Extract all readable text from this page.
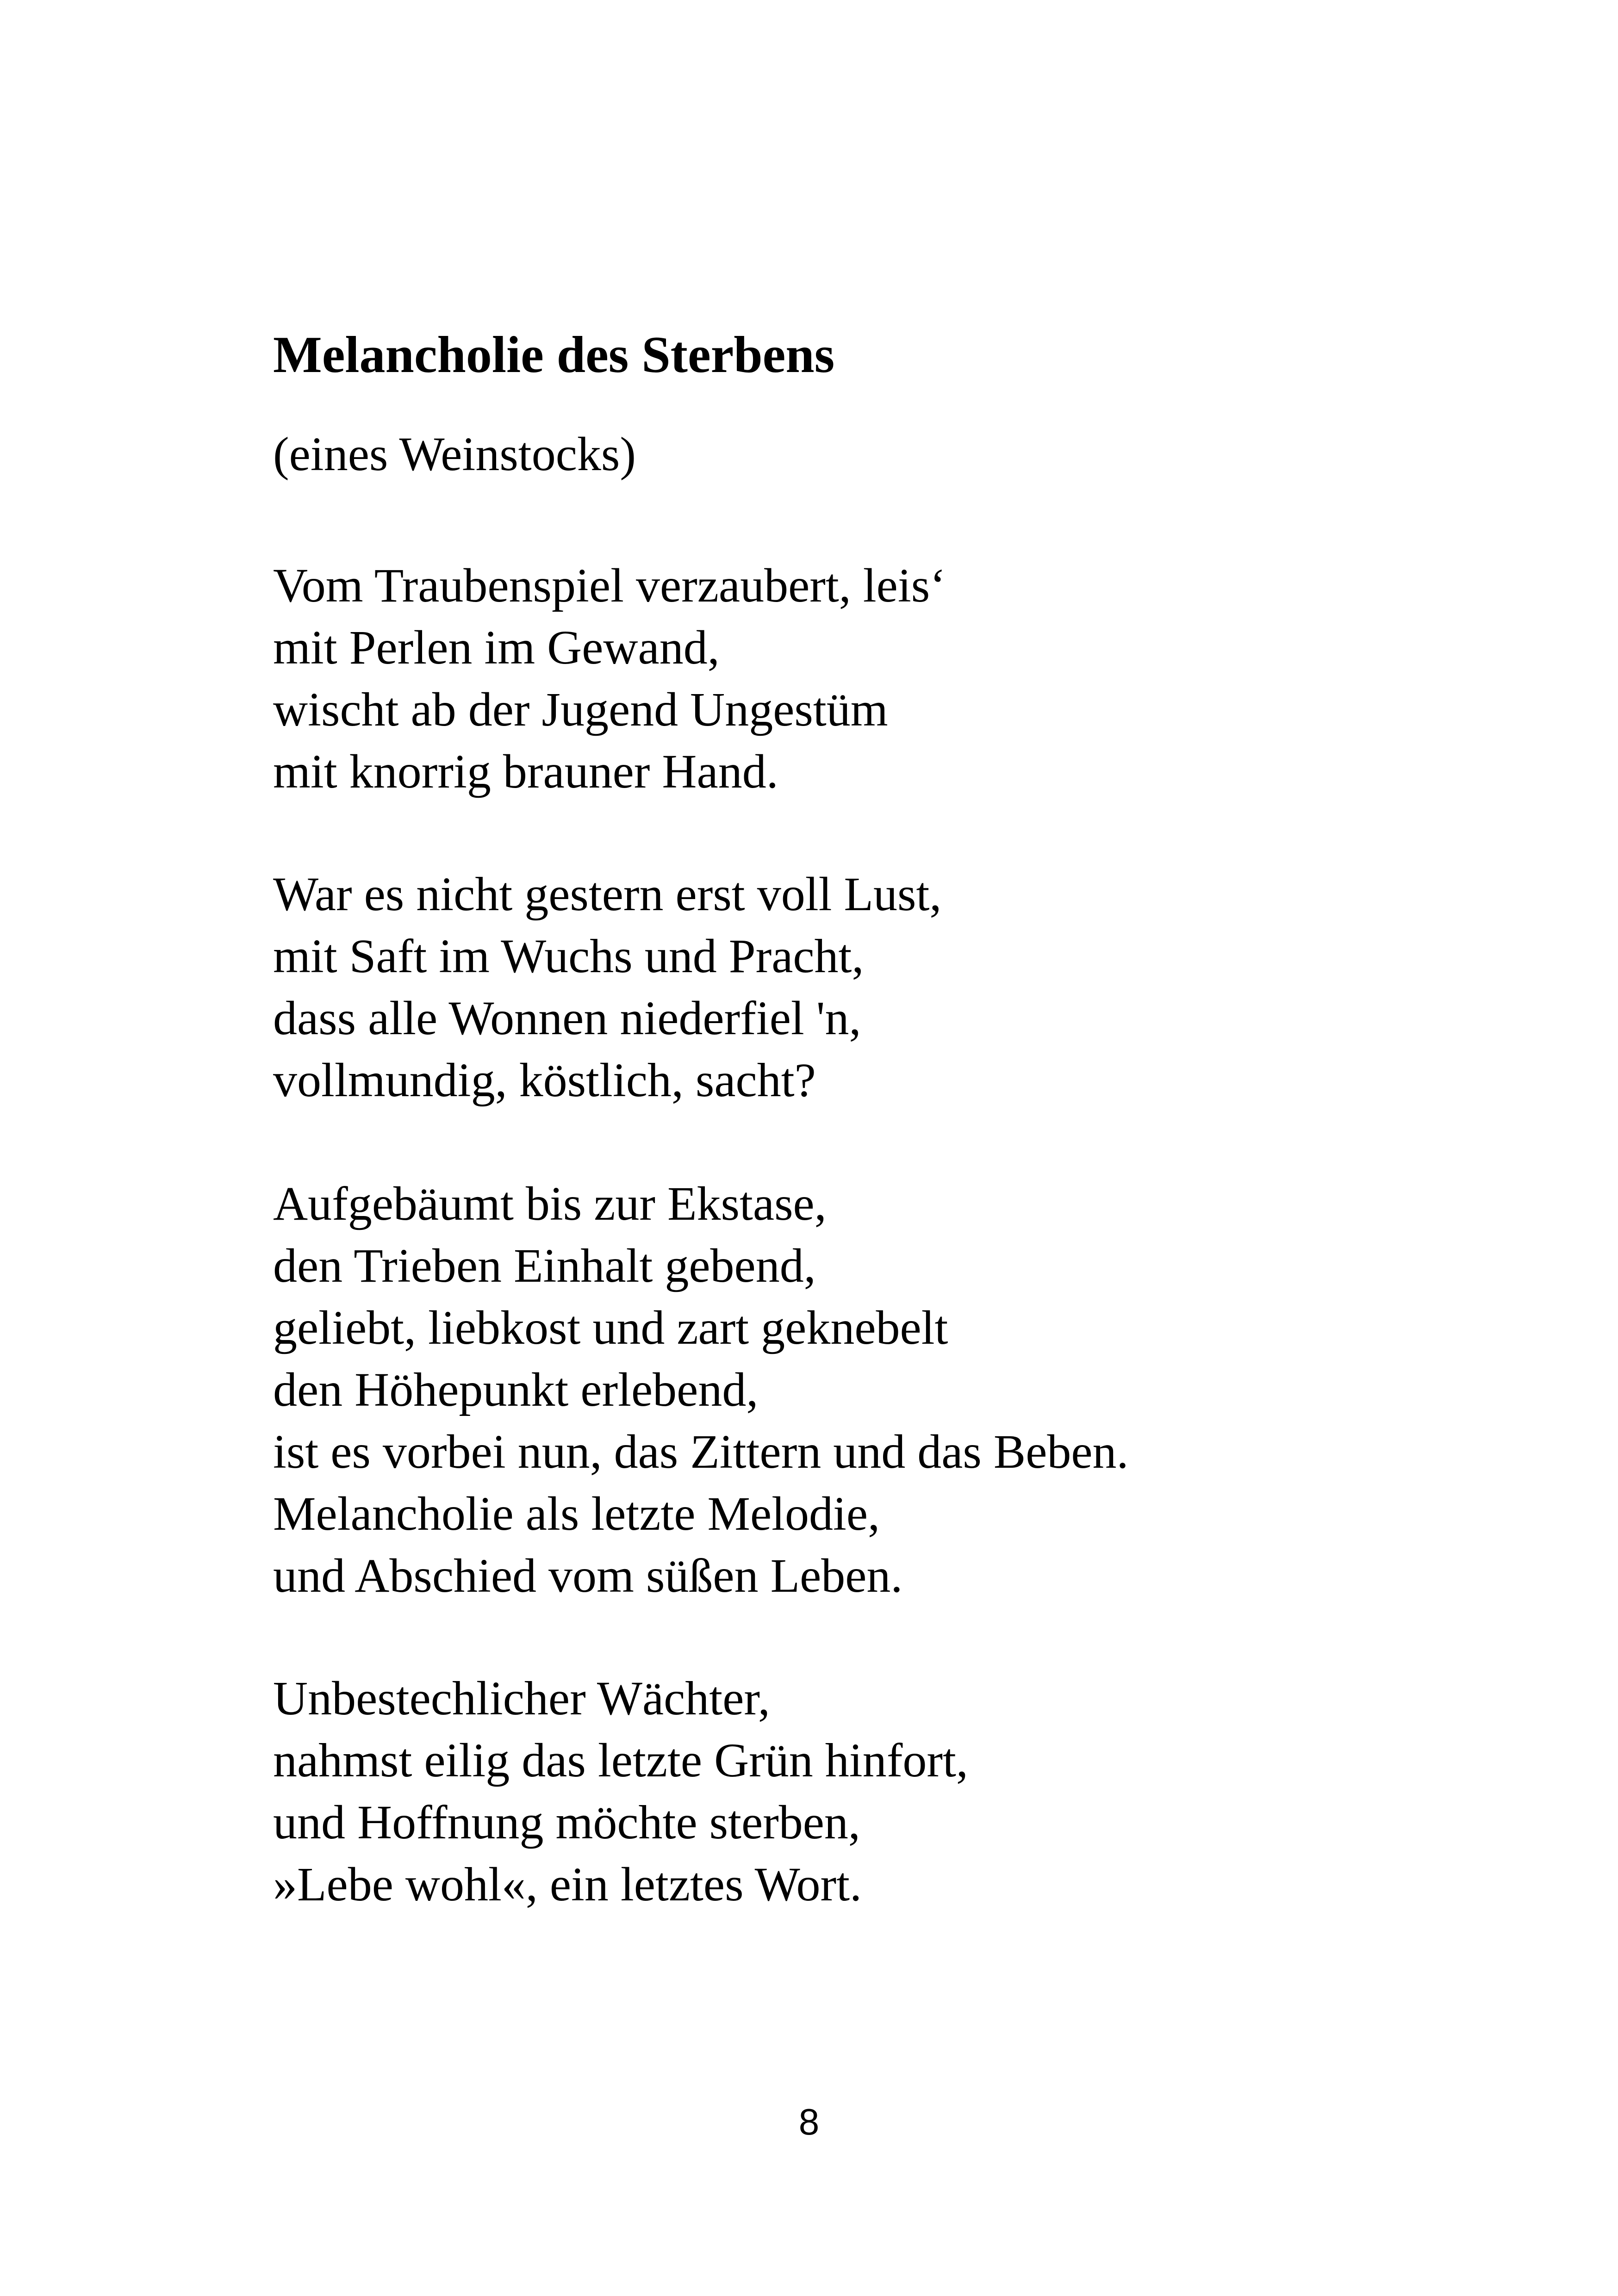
Melancholie des Sterbens

(eines Weinstocks)

Vom Traubenspiel verzaubert, leis‘
mit Perlen im Gewand,
wischt ab der Jugend Ungestüm
mit knorrig brauner Hand.
War es nicht gestern erst voll Lust,
mit Saft im Wuchs und Pracht,
dass alle Wonnen niederfiel 'n,
vollmundig, köstlich, sacht?
Aufgebäumt bis zur Ekstase,
den Trieben Einhalt gebend,
geliebt, liebkost und zart geknebelt
den Höhepunkt erlebend,
ist es vorbei nun, das Zittern und das Beben.
Melancholie als letzte Melodie,
und Abschied vom süßen Leben.
Unbestechlicher Wächter,
nahmst eilig das letzte Grün hinfort,
und Hoffnung möchte sterben,
»Lebe wohl«, ein letztes Wort.
8
